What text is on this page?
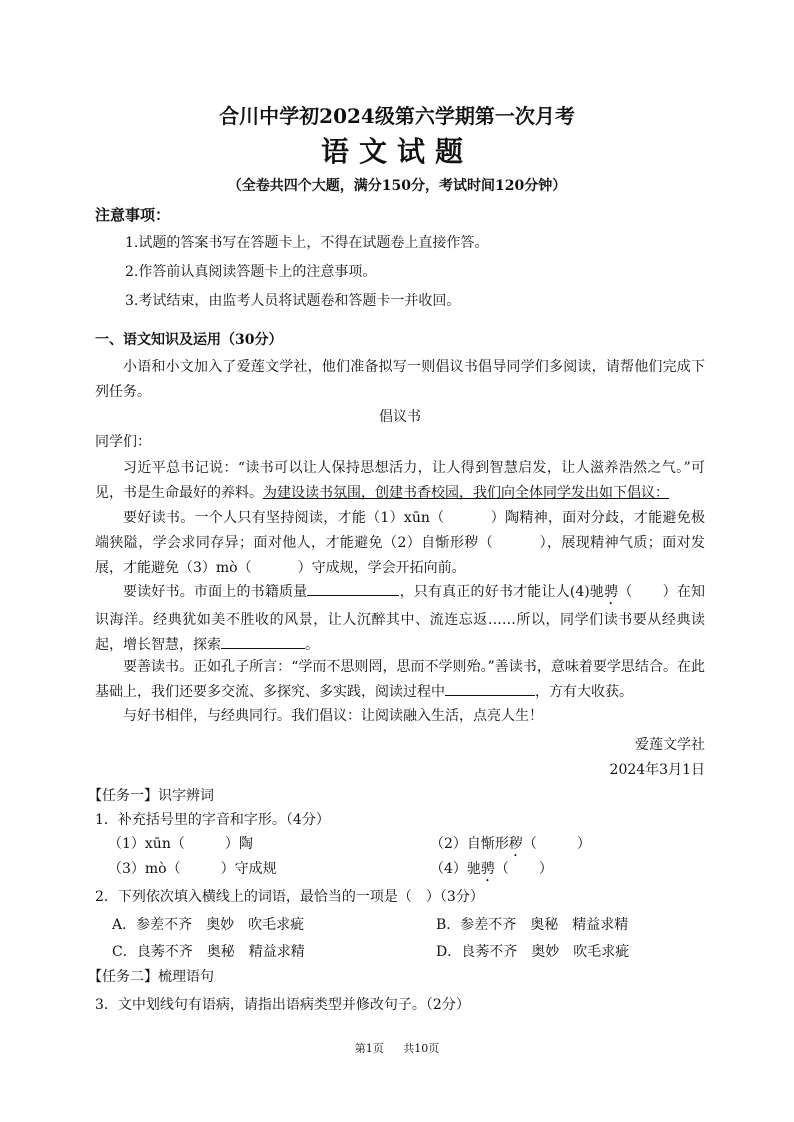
合川中学初2024级第六学期第一次月考
语文试题
（全卷共四个大题，满分150分，考试时间120分钟）
注意事项：
1.试题的答案书写在答题卡上，不得在试题卷上直接作答。
2.作答前认真阅读答题卡上的注意事项。
3.考试结束，由监考人员将试题卷和答题卡一并收回。
一、语文知识及运用（30分）
小语和小文加入了爱莲文学社，他们准备拟写一则倡议书倡导同学们多阅读，请帮他们完成下列任务。
倡议书
同学们：
习近平总书记说：“读书可以让人保持思想活力，让人得到智慧启发，让人滋养浩然之气。”可见，书是生命最好的养料。为建设读书氛围，创建书香校园，我们向全体同学发出如下倡议：
要好读书。一个人只有坚持阅读，才能（1）xūn（	）陶精神，面对分歧，才能避免极端狭隘，学会求同存异；面对他人，才能避免（2）自惭形秽（	），展现精神气质；面对发展，才能避免（3）mò（	）守成规，学会开拓向前。
要读好书。市面上的书籍质量	，只有真正的好书才能让人(4)驰骋（ ）在知识海洋。经典犹如美不胜收的风景，让人沉醉其中、流连忘返……所以，同学们读书要从经典读起，增长智慧，探索	。
要善读书。正如孔子所言：“学而不思则罔，思而不学则殆。”善读书，意味着要学思结合。在此基础上，我们还要多交流、多探究、多实践，阅读过程中	，方有大收获。
与好书相伴，与经典同行。我们倡议：让阅读融入生活，点亮人生！
爱莲文学社
2024年3月1日
【任务一】识字辨词
1．补充括号里的字音和字形。（4分）
（1）xūn（	）陶	（2）自惭形秽（	）
（3）mò（	）守成规	（4）驰骋（ ）
2．下列依次填入横线上的词语，最恰当的一项是（　）（3分）
A．参差不齐　奥妙　吹毛求疵	B．参差不齐　奥秘　精益求精
C．良莠不齐　奥秘　精益求精	D．良莠不齐　奥妙　吹毛求疵
【任务二】梳理语句
3．文中划线句有语病，请指出语病类型并修改句子。（2分）
第1页 共10页
